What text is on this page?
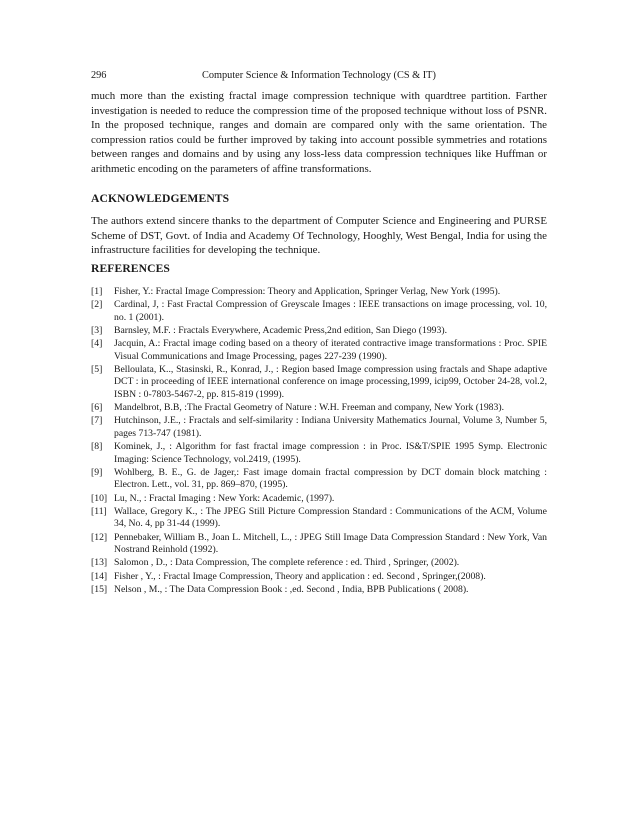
296	Computer Science & Information Technology (CS & IT)

much more than the existing fractal image compression technique with quardtree partition. Farther investigation is needed to reduce the compression time of the proposed technique without loss of PSNR. In the proposed technique, ranges and domain are compared only with the same orientation. The compression ratios could be further improved by taking into account possible symmetries and rotations between ranges and domains and by using any loss-less data compression techniques like Huffman or arithmetic encoding on the parameters of affine transformations.

ACKNOWLEDGEMENTS

The authors extend sincere thanks to the department of Computer Science and Engineering and PURSE Scheme of DST, Govt. of India and Academy Of Technology, Hooghly, West Bengal, India for using the infrastructure facilities for developing the technique.

REFERENCES
[1] Fisher, Y.: Fractal Image Compression: Theory and Application, Springer Verlag, New York (1995).
[2] Cardinal, J, : Fast Fractal Compression of Greyscale Images : IEEE transactions on image processing, vol. 10, no. 1 (2001).
[3] Barnsley, M.F. : Fractals Everywhere, Academic Press,2nd edition, San Diego (1993).
[4] Jacquin, A.: Fractal image coding based on a theory of iterated contractive image transformations : Proc. SPIE Visual Communications and Image Processing, pages 227-239 (1990).
[5] Belloulata, K.., Stasinski, R., Konrad, J., : Region based Image compression using fractals and Shape adaptive DCT : in proceeding of IEEE international conference on image processing,1999, icip99, October 24-28, vol.2, ISBN : 0-7803-5467-2, pp. 815-819 (1999).
[6] Mandelbrot, B.B, :The Fractal Geometry of Nature : W.H. Freeman and company, New York (1983).
[7] Hutchinson, J.E., : Fractals and self-similarity : Indiana University Mathematics Journal, Volume 3, Number 5, pages 713-747 (1981).
[8] Kominek, J., : Algorithm for fast fractal image compression : in Proc. IS&T/SPIE 1995 Symp. Electronic Imaging: Science Technology, vol.2419, (1995).
[9] Wohlberg, B. E., G. de Jager,: Fast image domain fractal compression by DCT domain block matching : Electron. Lett., vol. 31, pp. 869–870, (1995).
[10] Lu, N., : Fractal Imaging : New York: Academic, (1997).
[11] Wallace, Gregory K., : The JPEG Still Picture Compression Standard : Communications of the ACM, Volume 34, No. 4, pp 31-44 (1999).
[12] Pennebaker, William B., Joan L. Mitchell, L., : JPEG Still Image Data Compression Standard : New York, Van Nostrand Reinhold (1992).
[13] Salomon , D., : Data Compression, The complete reference : ed. Third , Springer, (2002).
[14] Fisher , Y., : Fractal Image Compression, Theory and application : ed. Second , Springer,(2008).
[15] Nelson , M., : The Data Compression Book : ,ed. Second , India, BPB Publications ( 2008).
